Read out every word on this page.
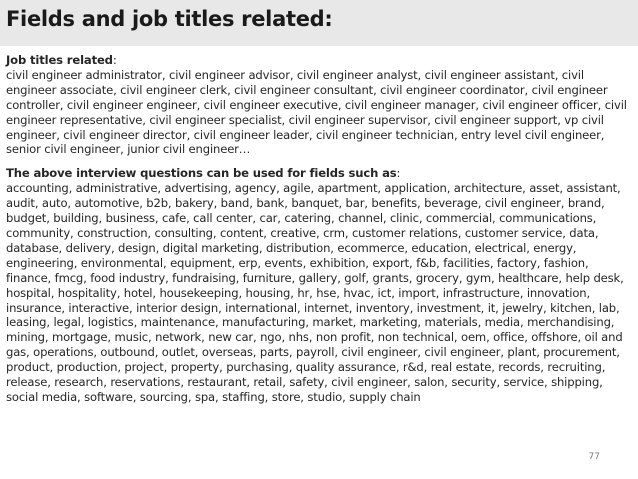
Fields and job titles related:

Job titles related:

civil engineer administrator, civil engineer advisor, civil engineer analyst, civil engineer assistant, civil engineer associate, civil engineer clerk, civil engineer consultant, civil engineer coordinator, civil engineer controller, civil engineer engineer, civil engineer executive, civil engineer manager, civil engineer officer, civil engineer representative, civil engineer specialist, civil engineer supervisor, civil engineer support, vp civil engineer, civil engineer director, civil engineer leader, civil engineer technician, entry level civil engineer, senior civil engineer, junior civil engineer…

The above interview questions can be used for fields such as:

accounting, administrative, advertising, agency, agile, apartment, application, architecture, asset, assistant, audit, auto, automotive, b2b, bakery, band, bank, banquet, bar, benefits, beverage, civil engineer, brand, budget, building, business, cafe, call center, car, catering, channel, clinic, commercial, communications, community, construction, consulting, content, creative, crm, customer relations, customer service, data, database, delivery, design, digital marketing, distribution, ecommerce, education, electrical, energy, engineering, environmental, equipment, erp, events, exhibition, export, f&b, facilities, factory, fashion, finance, fmcg, food industry, fundraising, furniture, gallery, golf, grants, grocery, gym, healthcare, help desk, hospital, hospitality, hotel, housekeeping, housing, hr, hse, hvac, ict, import, infrastructure, innovation, insurance, interactive, interior design, international, internet, inventory, investment, it, jewelry, kitchen, lab, leasing, legal, logistics, maintenance, manufacturing, market, marketing, materials, media, merchandising, mining, mortgage, music, network, new car, ngo, nhs, non profit, non technical, oem, office, offshore, oil and gas, operations, outbound, outlet, overseas, parts, payroll, civil engineer, civil engineer, plant, procurement, product, production, project, property, purchasing, quality assurance, r&d, real estate, records, recruiting, release, research, reservations, restaurant, retail, safety, civil engineer, salon, security, service, shipping, social media, software, sourcing, spa, staffing, store, studio, supply chain

77
